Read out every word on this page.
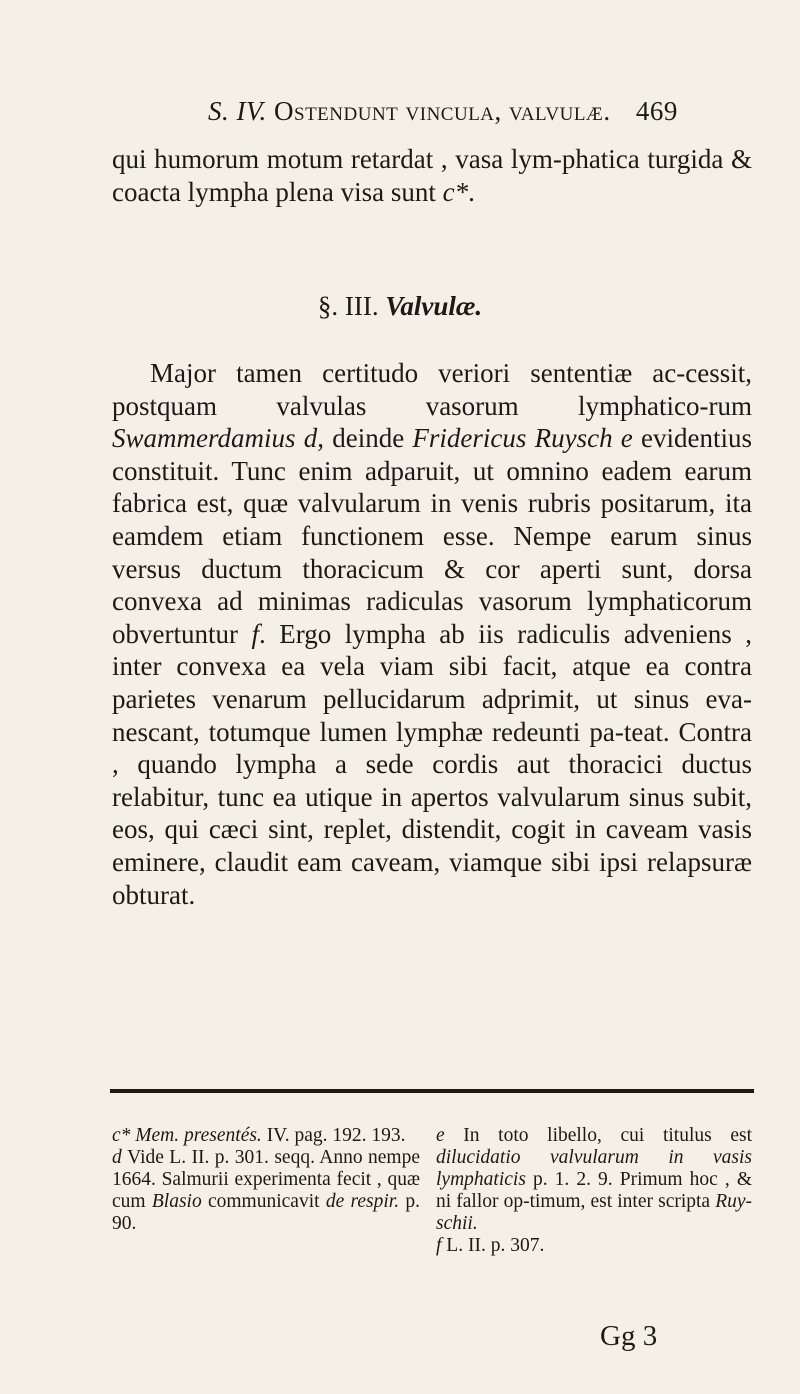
S. IV. Ostendunt vincula, valvulæ. 469
qui humorum motum retardat , vasa lym-phatica turgida & coacta lympha plena visa sunt c*.
§. III. Valvulæ.
Major tamen certitudo veriori sententiæ ac-cessit, postquam valvulas vasorum lymphatico-rum Swammerdamius d, deinde Fridericus Ruysch e evidentius constituit. Tunc enim adparuit, ut omnino eadem earum fabrica est, quæ valvularum in venis rubris positarum, ita eamdem etiam functionem esse. Nempe earum sinus versus ductum thoracicum & cor aperti sunt, dorsa convexa ad minimas radiculas vasorum lymphaticorum obvertuntur f. Ergo lympha ab iis radiculis adveniens , inter convexa ea vela viam sibi facit, atque ea contra parietes venarum pellucidarum adprimit, ut sinus eva-nescant, totumque lumen lymphæ redeunti pa-teat. Contra , quando lympha a sede cordis aut thoracici ductus relabitur, tunc ea utique in apertos valvularum sinus subit, eos, qui cæci sint, replet, distendit, cogit in caveam vasis eminere, claudit eam caveam, viamque sibi ipsi relapsuræ obturat.

c* Mem. presentés. IV. pag. 192. 193.

d Vide L. II. p. 301. seqq. Anno nempe 1664. Salmurii experimenta fecit , quæ cum Blasio communicavit de respir. p. 90.

e In toto libello, cui titulus est dilucidatio valvularum in vasis lymphaticis p. 1. 2. 9. Primum hoc , & ni fallor op-timum, est inter scripta Ruy-schii.

f L. II. p. 307.

Gg 3
